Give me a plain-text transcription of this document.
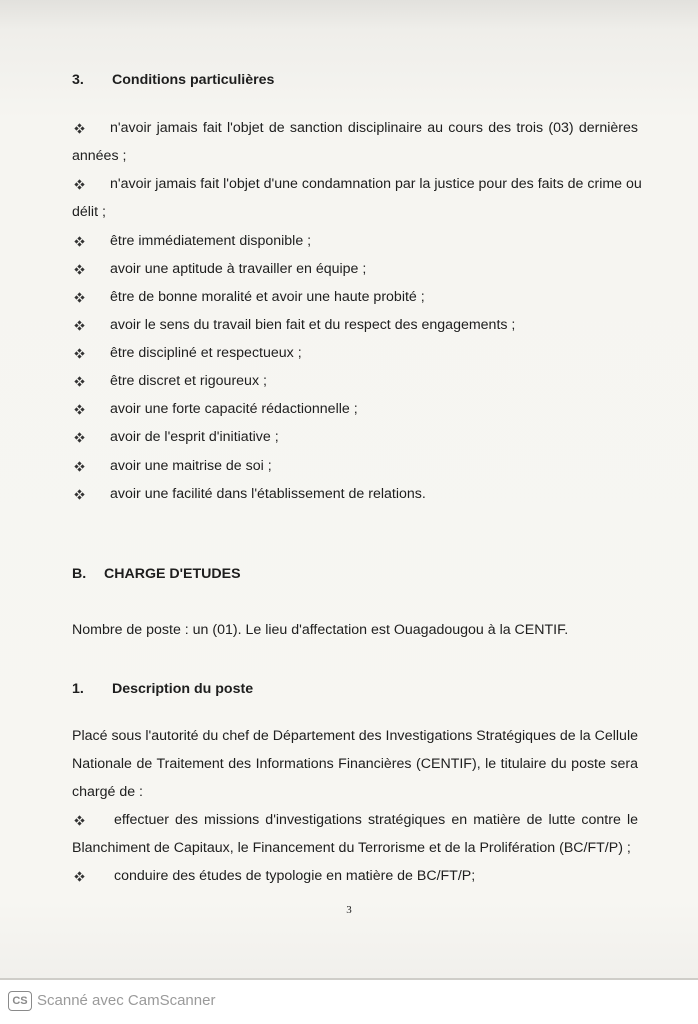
3. Conditions particulières
n'avoir jamais fait l'objet de sanction disciplinaire au cours des trois (03) dernières
années ;
n'avoir jamais fait l'objet d'une condamnation par la justice pour des faits de crime ou
délit ;
être immédiatement disponible ;
avoir une aptitude à travailler en équipe ;
être de bonne moralité et avoir une haute probité ;
avoir le sens du travail bien fait et du respect des engagements ;
être discipliné et respectueux ;
être discret et rigoureux ;
avoir une forte capacité rédactionnelle ;
avoir de l'esprit d'initiative ;
avoir une maitrise de soi ;
avoir une facilité dans l'établissement de relations.
B. CHARGE D'ETUDES
Nombre de poste : un (01). Le lieu d'affectation est Ouagadougou à la CENTIF.
1. Description du poste
Placé sous l'autorité du chef de Département des Investigations Stratégiques de la Cellule
Nationale de Traitement des Informations Financières (CENTIF), le titulaire du poste sera
chargé de :
effectuer des missions d'investigations stratégiques en matière de lutte contre le
Blanchiment de Capitaux, le Financement du Terrorisme et de la Prolifération (BC/FT/P) ;
conduire des études de typologie en matière de BC/FT/P;
3
CS Scanné avec CamScanner
